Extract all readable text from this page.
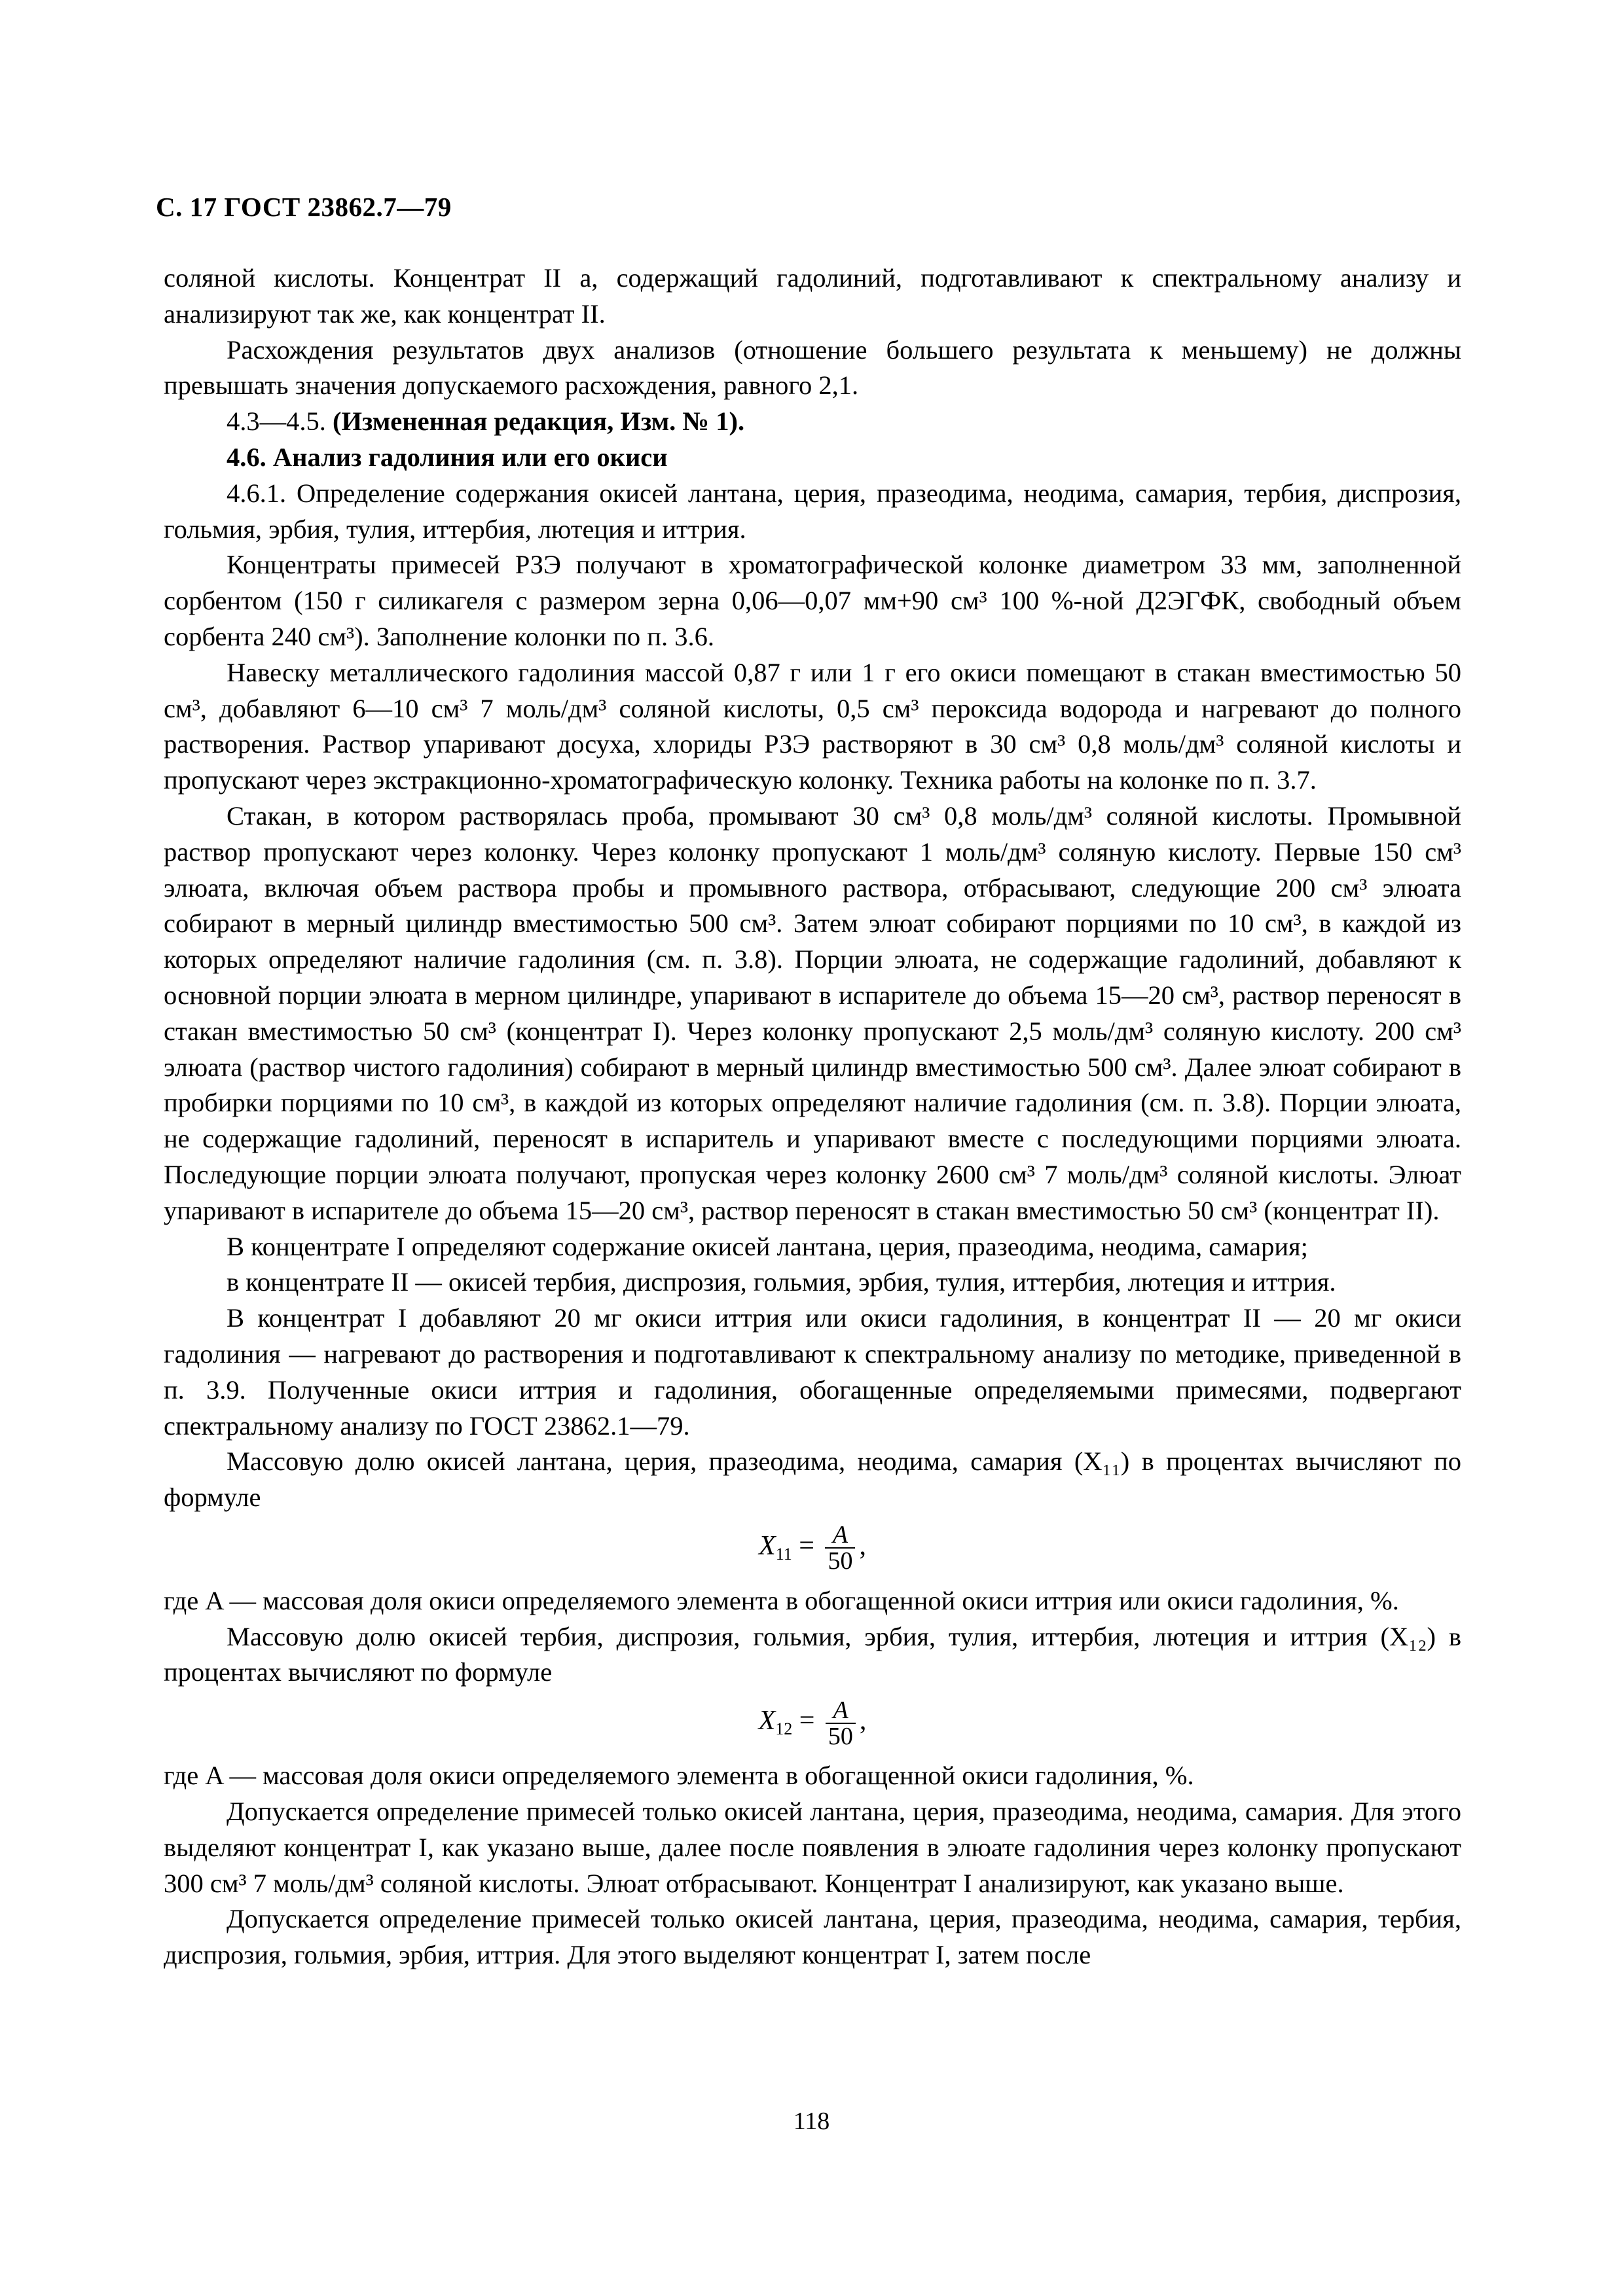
С. 17 ГОСТ 23862.7—79

соляной кислоты. Концентрат II а, содержащий гадолиний, подготавливают к спектральному анализу и анализируют так же, как концентрат II.

Расхождения результатов двух анализов (отношение большего результата к меньшему) не должны превышать значения допускаемого расхождения, равного 2,1.

4.3—4.5. (Измененная редакция, Изм. № 1).

4.6. Анализ гадолиния или его окиси

4.6.1. Определение содержания окисей лантана, церия, празеодима, неодима, самария, тербия, диспрозия, гольмия, эрбия, тулия, иттербия, лютеция и иттрия.

Концентраты примесей РЗЭ получают в хроматографической колонке диаметром 33 мм, заполненной сорбентом (150 г силикагеля с размером зерна 0,06—0,07 мм+90 см³ 100 %-ной Д2ЭГФК, свободный объем сорбента 240 см³). Заполнение колонки по п. 3.6.

Навеску металлического гадолиния массой 0,87 г или 1 г его окиси помещают в стакан вместимостью 50 см³, добавляют 6—10 см³ 7 моль/дм³ соляной кислоты, 0,5 см³ пероксида водорода и нагревают до полного растворения. Раствор упаривают досуха, хлориды РЗЭ растворяют в 30 см³ 0,8 моль/дм³ соляной кислоты и пропускают через экстракционно-хроматографическую колонку. Техника работы на колонке по п. 3.7.

Стакан, в котором растворялась проба, промывают 30 см³ 0,8 моль/дм³ соляной кислоты. Промывной раствор пропускают через колонку. Через колонку пропускают 1 моль/дм³ соляную кислоту. Первые 150 см³ элюата, включая объем раствора пробы и промывного раствора, отбрасывают, следующие 200 см³ элюата собирают в мерный цилиндр вместимостью 500 см³. Затем элюат собирают порциями по 10 см³, в каждой из которых определяют наличие гадолиния (см. п. 3.8). Порции элюата, не содержащие гадолиний, добавляют к основной порции элюата в мерном цилиндре, упаривают в испарителе до объема 15—20 см³, раствор переносят в стакан вместимостью 50 см³ (концентрат I). Через колонку пропускают 2,5 моль/дм³ соляную кислоту. 200 см³ элюата (раствор чистого гадолиния) собирают в мерный цилиндр вместимостью 500 см³. Далее элюат собирают в пробирки порциями по 10 см³, в каждой из которых определяют наличие гадолиния (см. п. 3.8). Порции элюата, не содержащие гадолиний, переносят в испаритель и упаривают вместе с последующими порциями элюата. Последующие порции элюата получают, пропуская через колонку 2600 см³ 7 моль/дм³ соляной кислоты. Элюат упаривают в испарителе до объема 15—20 см³, раствор переносят в стакан вместимостью 50 см³ (концентрат II).

В концентрате I определяют содержание окисей лантана, церия, празеодима, неодима, самария;

в концентрате II — окисей тербия, диспрозия, гольмия, эрбия, тулия, иттербия, лютеция и иттрия.

В концентрат I добавляют 20 мг окиси иттрия или окиси гадолиния, в концентрат II — 20 мг окиси гадолиния — нагревают до растворения и подготавливают к спектральному анализу по методике, приведенной в п. 3.9. Полученные окиси иттрия и гадолиния, обогащенные определяемыми примесями, подвергают спектральному анализу по ГОСТ 23862.1—79.

Массовую долю окисей лантана, церия, празеодима, неодима, самария (X₁₁) в процентах вычисляют по формуле

$X_{11} = \frac{A}{50}$ ,
где A — массовая доля окиси определяемого элемента в обогащенной окиси иттрия или окиси гадолиния, %.

Массовую долю окисей тербия, диспрозия, гольмия, эрбия, тулия, иттербия, лютеция и иттрия (X₁₂) в процентах вычисляют по формуле

$X_{12} = \frac{A}{50}$ ,
где A — массовая доля окиси определяемого элемента в обогащенной окиси гадолиния, %.

Допускается определение примесей только окисей лантана, церия, празеодима, неодима, самария. Для этого выделяют концентрат I, как указано выше, далее после появления в элюате гадолиния через колонку пропускают 300 см³ 7 моль/дм³ соляной кислоты. Элюат отбрасывают. Концентрат I анализируют, как указано выше.

Допускается определение примесей только окисей лантана, церия, празеодима, неодима, самария, тербия, диспрозия, гольмия, эрбия, иттрия. Для этого выделяют концентрат I, затем после

118
